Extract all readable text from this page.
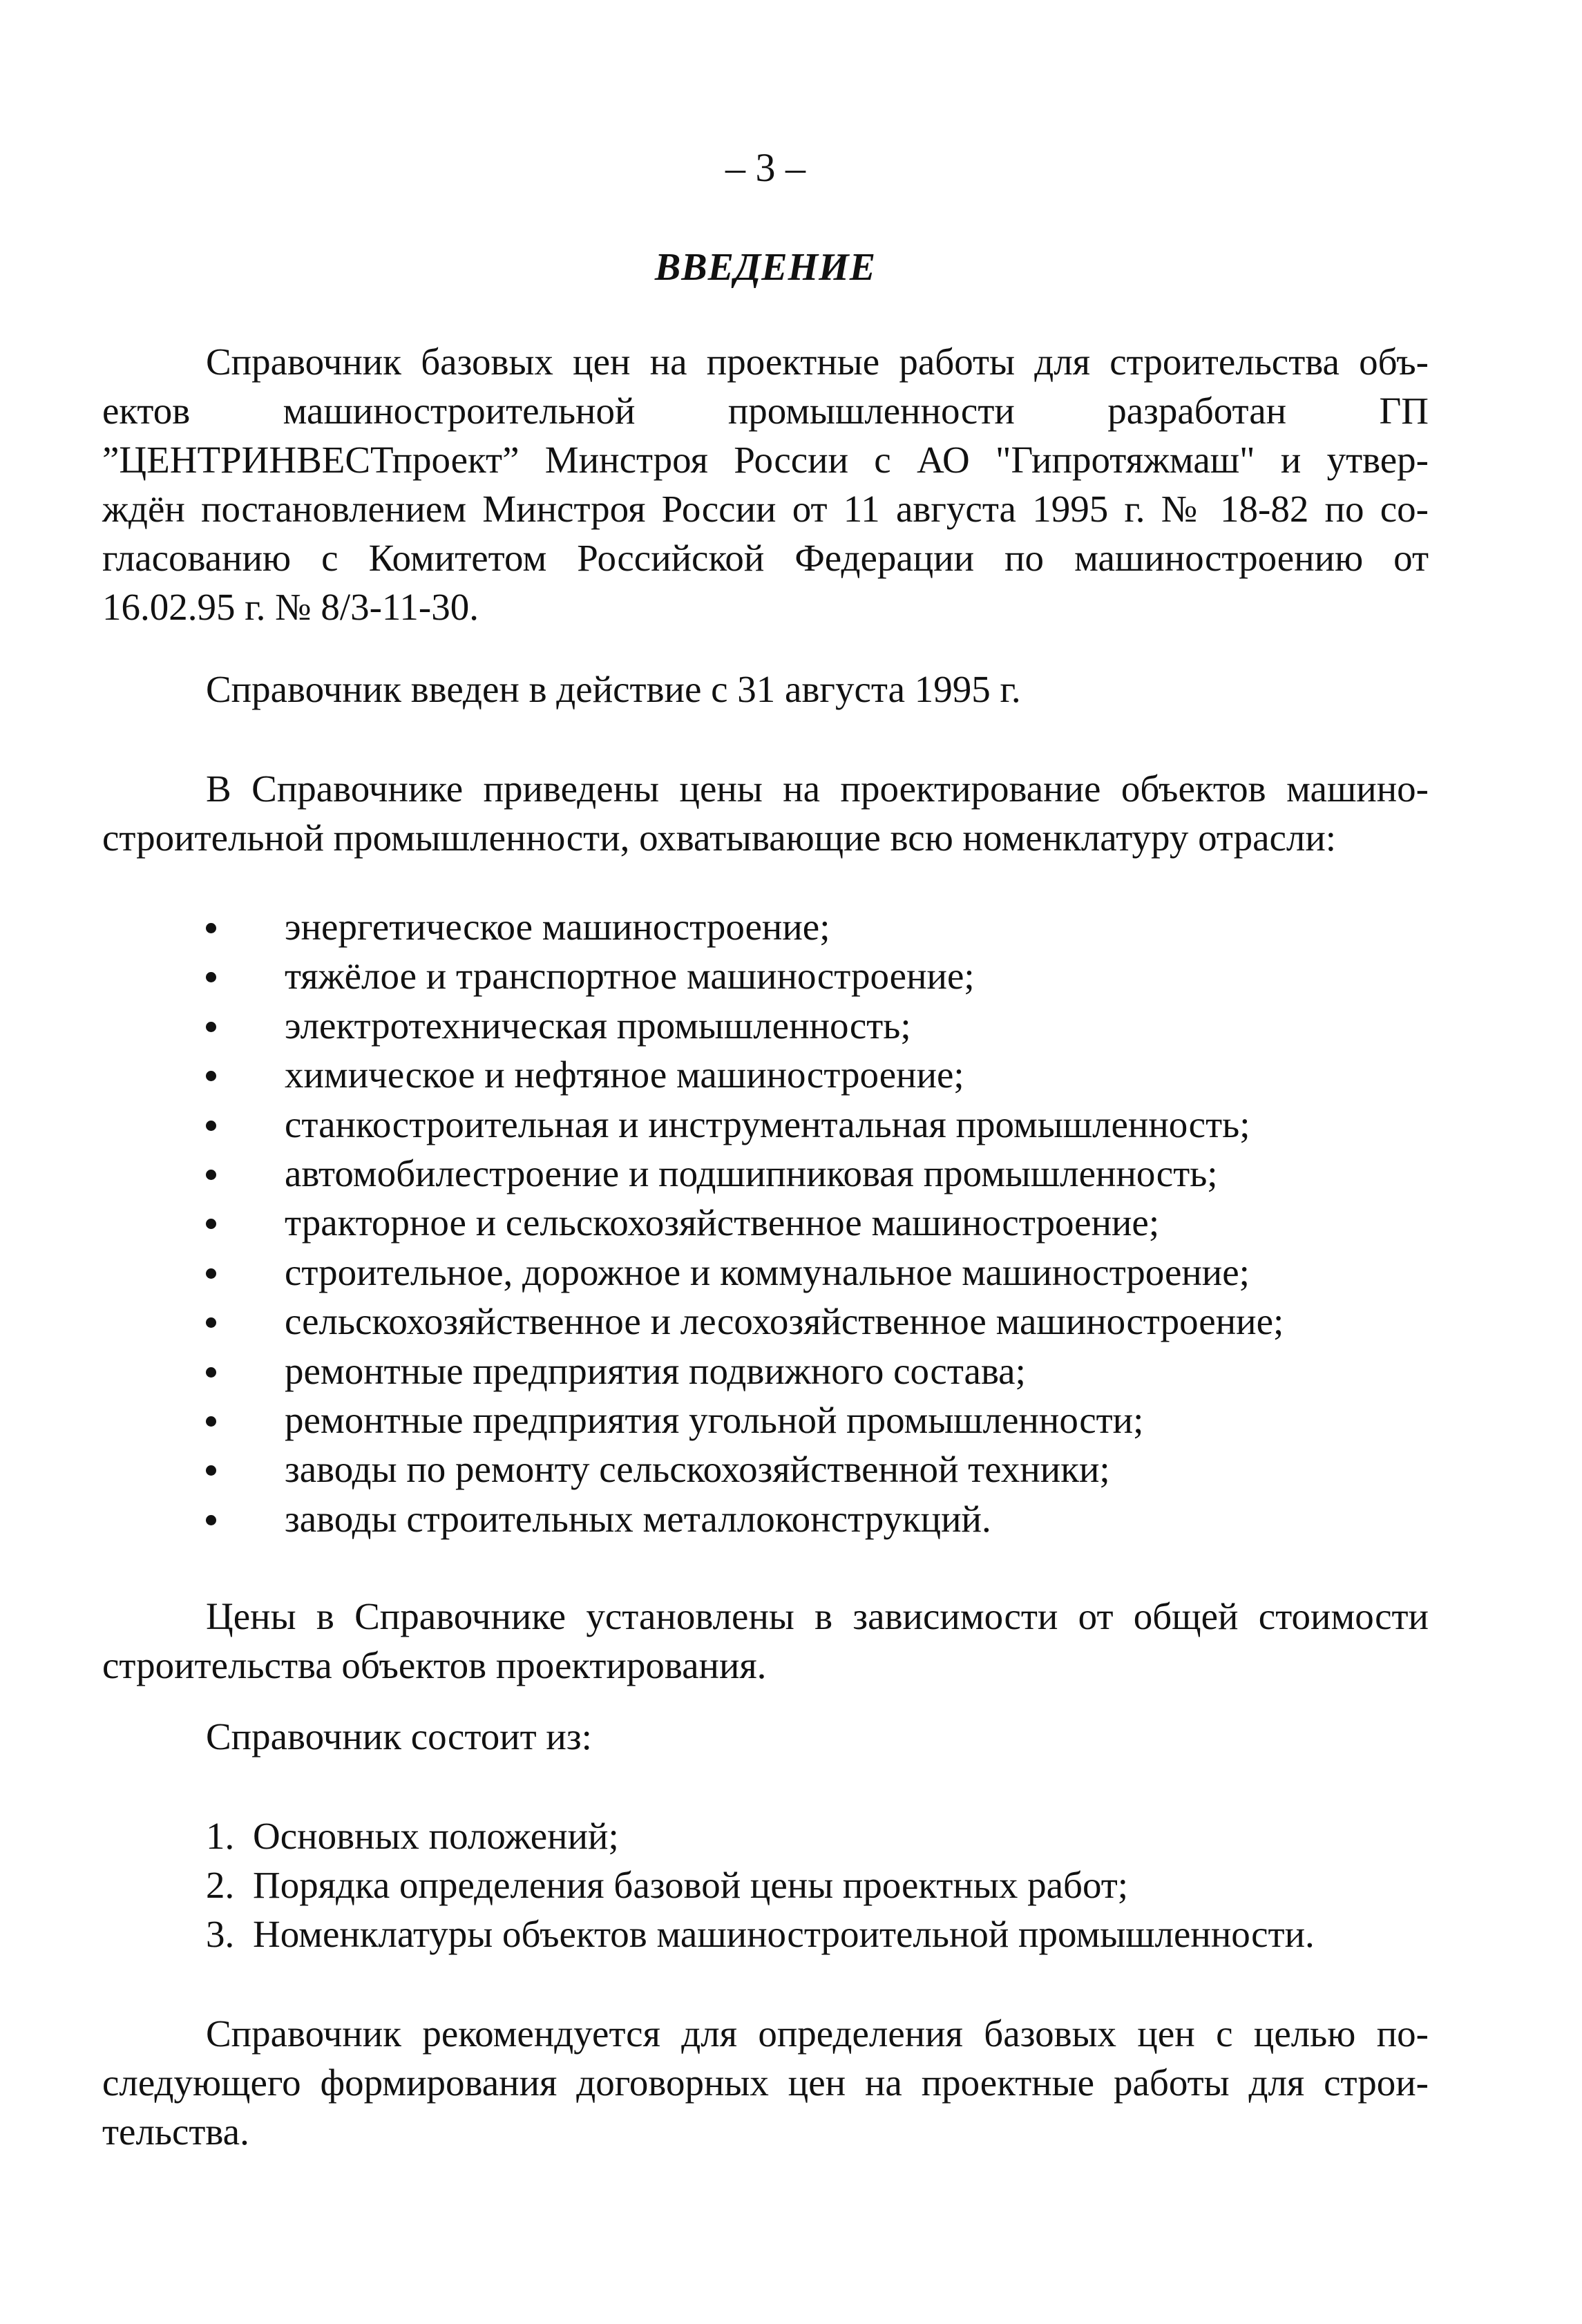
– 3 –
ВВЕДЕНИЕ
Справочник базовых цен на проектные работы для строительства объ-
ектов машиностроительной промышленности разработан ГП
”ЦЕНТРИНВЕСТпроект” Минстроя России с АО "Гипротяжмаш" и утвер-
ждён постановлением Минстроя России от 11 августа 1995 г. № 18-82 по со-
гласованию с Комитетом Российской Федерации по машиностроению от
16.02.95 г. № 8/3-11-30.
Справочник введен в действие с 31 августа 1995 г.
В Справочнике приведены цены на проектирование объектов машино-
строительной промышленности, охватывающие всю номенклатуру отрасли:
энергетическое машиностроение;
тяжёлое и транспортное машиностроение;
электротехническая промышленность;
химическое и нефтяное машиностроение;
станкостроительная и инструментальная промышленность;
автомобилестроение и подшипниковая промышленность;
тракторное и сельскохозяйственное машиностроение;
строительное, дорожное и коммунальное машиностроение;
сельскохозяйственное и лесохозяйственное машиностроение;
ремонтные предприятия подвижного состава;
ремонтные предприятия угольной промышленности;
заводы по ремонту сельскохозяйственной техники;
заводы строительных металлоконструкций.
Цены в Справочнике установлены в зависимости от общей стоимости
строительства объектов проектирования.
Справочник состоит из:
1. Основных положений;
2. Порядка определения базовой цены проектных работ;
3. Номенклатуры объектов машиностроительной промышленности.
Справочник рекомендуется для определения базовых цен с целью по-
следующего формирования договорных цен на проектные работы для строи-
тельства.
